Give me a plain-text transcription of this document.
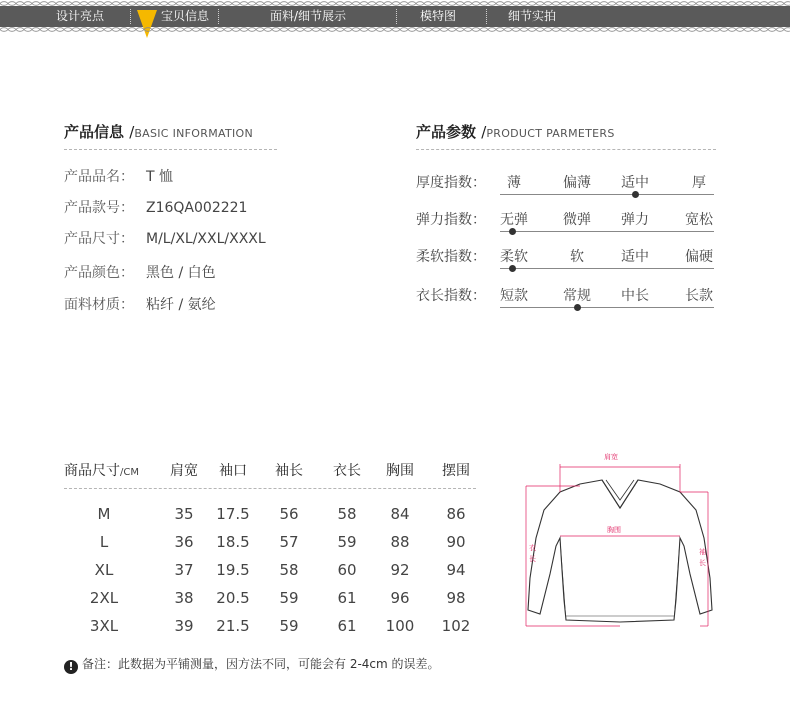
设计亮点	宝贝信息	面料/细节展示	模特图	细节实拍
产品信息 /BASIC INFORMATION
产品品名： T 恤
产品款号： Z16QA002221
产品尺寸： M/L/XL/XXL/XXXL
产品颜色： 黑色 / 白色
面料材质： 粘纤 / 氨纶
产品参数 /PRODUCT PARMETERS
厚度指数：	薄	偏薄	适中	厚
弹力指数：	无弹	微弹	弹力	宽松
柔软指数：	柔软	软	适中	偏硬
衣长指数：	短款	常规	中长	长款
商品尺寸/CM	肩宽	袖口	袖长	衣长	胸围	摆围
M	35	17.5	56	58	84	86
L	36	18.5	57	59	88	90
XL	37	19.5	58	60	92	94
2XL	38	20.5	59	61	96	98
3XL	39	21.5	59	61	100	102
肩宽
胸围
衣长
袖长
! 备注：此数据为平铺测量，因方法不同，可能会有 2-4cm 的误差。
